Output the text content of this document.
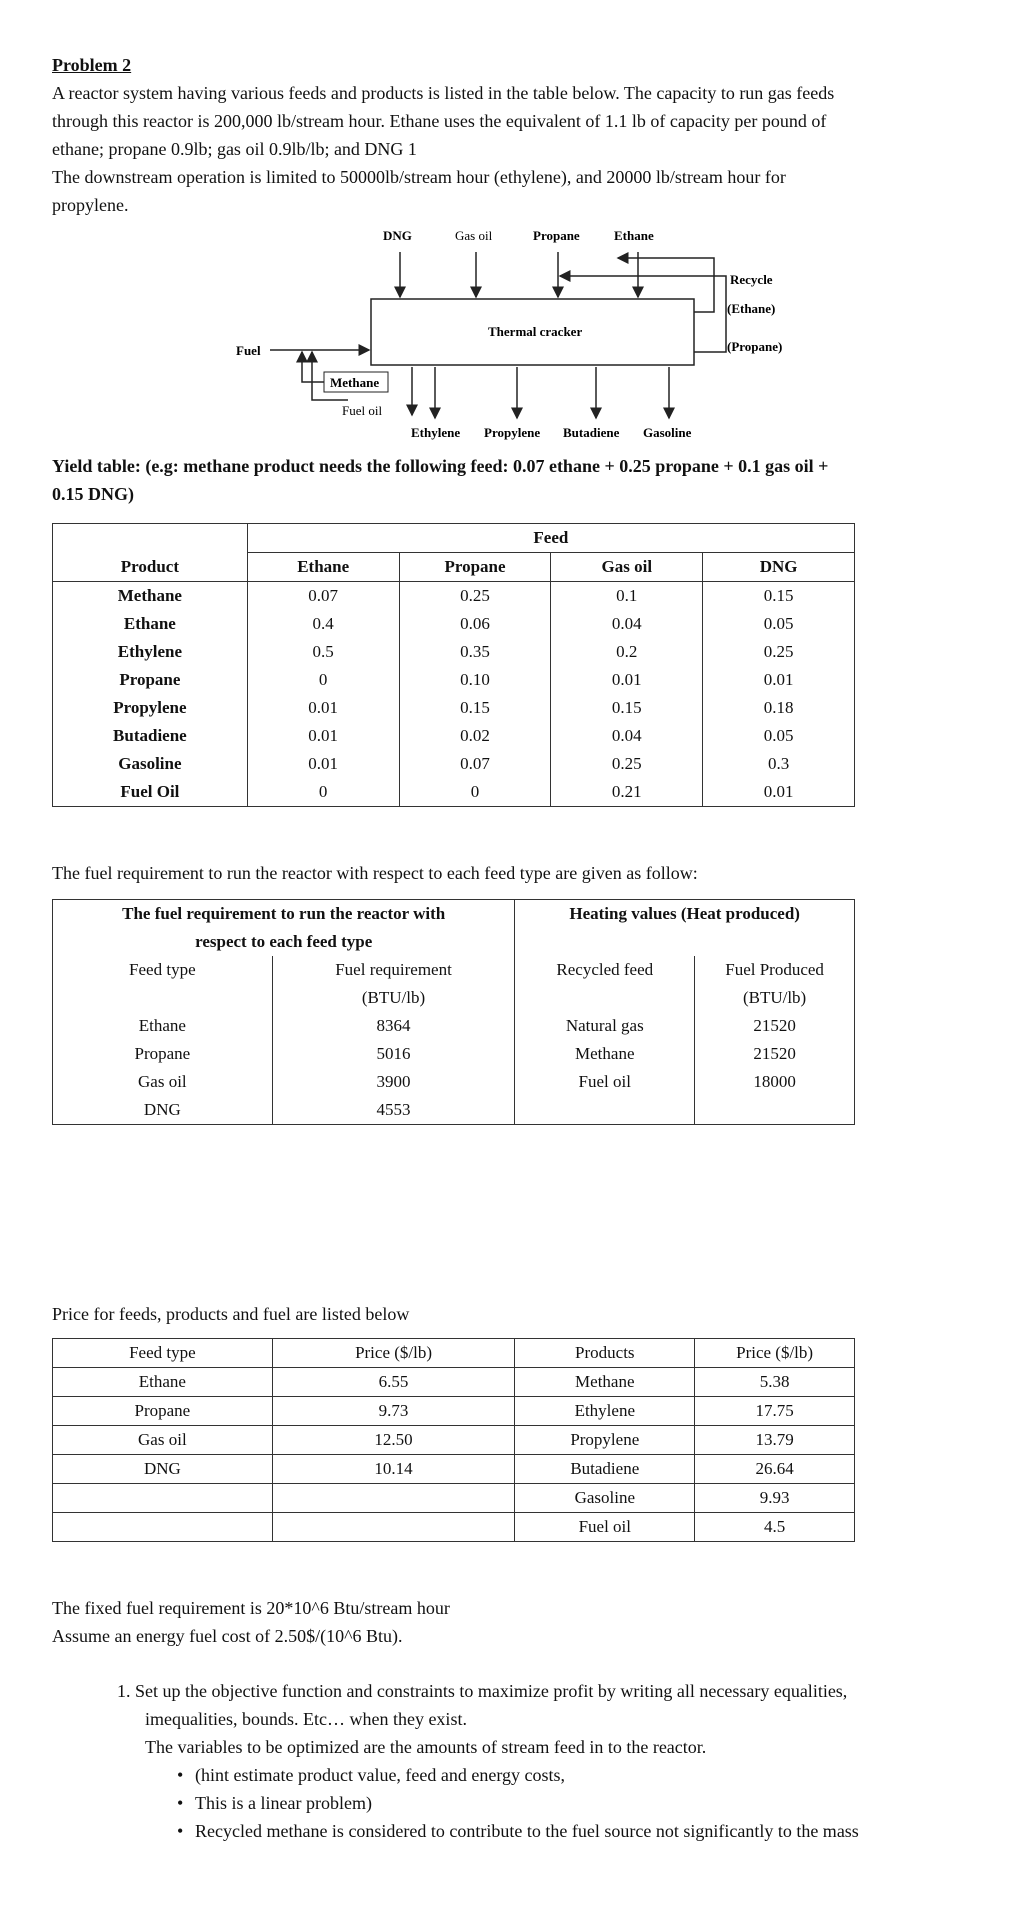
Problem 2
A reactor system having various feeds and products is listed in the table below. The capacity to run gas feeds
through this reactor is 200,000 lb/stream hour. Ethane uses the equivalent of 1.1 lb of capacity per pound of
ethane; propane 0.9lb; gas oil 0.9lb/lb; and DNG 1
The downstream operation is limited to 50000lb/stream hour (ethylene), and 20000 lb/stream hour for
propylene.
DNG	Gas oil	Propane	Ethane
Thermal cracker
Recycle
(Ethane)
(Propane)
Fuel
Methane
Fuel oil
Ethylene Propylene Butadiene Gasoline
Yield table: (e.g: methane product needs the following feed: 0.07 ethane + 0.25 propane + 0.1 gas oil +
0.15 DNG)
	Feed			
Product	Ethane	Propane	Gas oil	DNG
Methane	0.07	0.25	0.1	0.15
Ethane	0.4	0.06	0.04	0.05
Ethylene	0.5	0.35	0.2	0.25
Propane	0	0.10	0.01	0.01
Propylene	0.01	0.15	0.15	0.18
Butadiene	0.01	0.02	0.04	0.05
Gasoline	0.01	0.07	0.25	0.3
Fuel Oil	0	0	0.21	0.01
The fuel requirement to run the reactor with respect to each feed type are given as follow:
The fuel requirement to run the reactor with		Heating values (Heat produced)	
respect to each feed type			
Feed type	Fuel requirement	Recycled feed	Fuel Produced
	(BTU/lb)		(BTU/lb)
Ethane	8364	Natural gas	21520
Propane	5016	Methane	21520
Gas oil	3900	Fuel oil	18000
DNG	4553		
Price for feeds, products and fuel are listed below
Feed type	Price ($/lb)	Products	Price ($/lb)
Ethane	6.55	Methane	5.38
Propane	9.73	Ethylene	17.75
Gas oil	12.50	Propylene	13.79
DNG	10.14	Butadiene	26.64
		Gasoline	9.93
		Fuel oil	4.5
The fixed fuel requirement is 20*10^6 Btu/stream hour
Assume an energy fuel cost of 2.50$/(10^6 Btu).
1. Set up the objective function and constraints to maximize profit by writing all necessary equalities,
imequalities, bounds. Etc… when they exist.
The variables to be optimized are the amounts of stream feed in to the reactor.
• (hint estimate product value, feed and energy costs,
• This is a linear problem)
• Recycled methane is considered to contribute to the fuel source not significantly to the mass
